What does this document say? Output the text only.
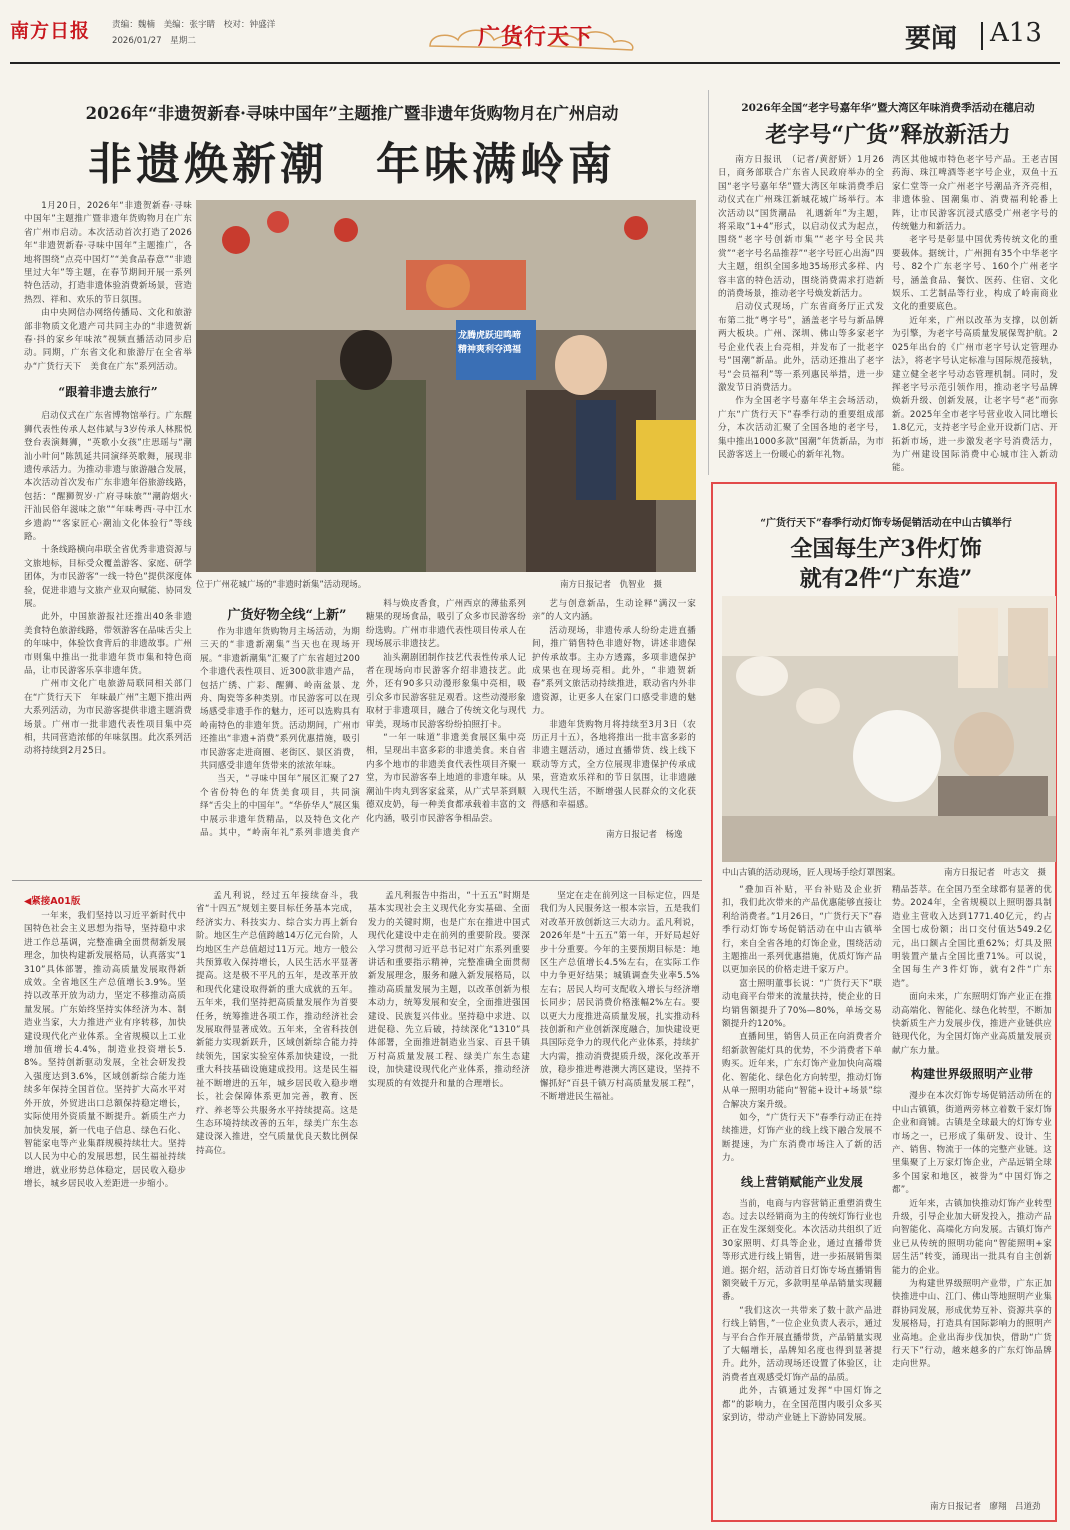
南方日报	责编：魏楠　美编：张宇睛　校对：钟盛洋
2026/01/27　星期二	广货行天下	要闻 A13
2026年“非遗贺新春·寻味中国年”主题推广暨非遗年货购物月在广州启动
非遗焕新潮　年味满岭南

1月20日，2026年“非遗贺新春·寻味中国年”主题推广暨非遗年货购物月在广东省广州市启动。本次活动首次打造了2026年“非遗贺新春·寻味中国年”主题推广，各地将围绕“点亮中国灯”“美食品春意”“非遗里过大年”等主题，在春节期间开展一系列特色活动，打造非遗体验消费新场景，营造热烈、祥和、欢乐的节日氛围。

由中央网信办网络传播局、文化和旅游部非物质文化遗产司共同主办的“非遗贺新春·抖的家乡年味浓”视频直播活动同步启动。同期，广东省文化和旅游厅在全省举办“广货行天下　美食在广东”系列活动。

“跟着非遗去旅行”

启动仪式在广东省博物馆举行。广东醒狮代表性传承人赵伟斌与3岁传承人林熙悦登台表演舞狮，“英歌小女孩”庄思瑶与“潮汕小叶问”陈凯延共同演绎英歌舞，展现非遗传承活力。为推动非遗与旅游融合发展，本次活动首次发布广东非遗年俗旅游线路，包括：“醒狮贺岁·广府寻味旅”“潮韵烟火·汗汕民俗年滋味之旅”“年味粤西·寻中江水乡遗韵”“客家匠心·潮汕文化体验行”等线路。

十条线路横向串联全省优秀非遗资源与文旅地标，目标受众覆盖游客、家庭、研学团体，为市民游客“一线一特色”提供深度体验，促进非遗与文旅产业双向赋能、协同发展。

此外，中国旅游报社还推出40条非遗美食特色旅游线路，带领游客在品味舌尖上的年味中，体验饮食背后的非遗故事。广州市则集中推出一批非遗年货市集和特色商品，让市民游客乐享非遗年货。

广州市文化广电旅游局联同相关部门在“广货行天下　年味最广州”主题下推出两大系列活动，为市民游客提供非遗主题消费场景。广州市一批非遗代表性项目集中亮相，共同营造浓郁的年味氛围。此次系列活动将持续到2月25日。

龙腾虎跃迎鸣啼
精神爽利夺鸿福
位于广州花城广场的“非遗时新集”活动现场。	南方日报记者　仇智业　摄
广货好物全线“上新”

作为非遗年货购物月主场活动，为期三天的“非遗新潮集”当天也在现场开展。“非遗新潮集”汇聚了广东省超过200个非遗代表性项目、近300款非遗产品，包括广绣、广彩、醒狮、岭南盆景、龙舟、陶瓷等多种类别。市民游客可以在现场感受非遗手作的魅力，还可以选购具有岭南特色的非遗年货。活动期间，广州市还推出“非遗+消费”系列优惠措施，吸引市民游客走进商圈、老街区、景区消费，共同感受非遗年货带来的浓浓年味。

当天，“寻味中国年”展区汇聚了27个省份特色的年货美食项目，共同演绎“舌尖上的中国年”。“华侨华人”展区集中展示非遗年货精品，以及特色文化产品。其中，“岭南年礼”系列非遗美食产

料与焕皮香食，广州西京的薄盐系列糖果的现场食品，吸引了众多市民游客纷纷选购。广州市非遗代表性项目传承人在现场展示非遗技艺。

汕头潮剧团制作技艺代表性传承人记者在现场向市民游客介绍非遗技艺。此外，还有90多只动漫形象集中亮相，吸引众多市民游客驻足观看。这些动漫形象取材于非遗项目，融合了传统文化与现代审美，现场市民游客纷纷拍照打卡。

“一年一味道”非遗美食展区集中亮相，呈现出丰富多彩的非遗美食。来自省内多个地市的非遗美食代表性项目齐聚一堂，为市民游客奉上地道的非遗年味。从潮汕牛肉丸到客家盆菜，从广式早茶到顺德双皮奶，每一种美食都承载着丰富的文化内涵，吸引市民游客争相品尝。

艺与创意新品，生动诠释“满汉一家亲”的人文内涵。

活动现场，非遗传承人纷纷走进直播间，推广销售特色非遗好物，讲述非遗保护传承故事。主办方透露，多项非遗保护成果也在现场亮相。此外，“非遗贺新春”系列文旅活动持续推进，联动省内外非遗资源，让更多人在家门口感受非遗的魅力。

非遗年货购物月将持续至3月3日（农历正月十五），各地将推出一批丰富多彩的非遗主题活动，通过直播带货、线上线下联动等方式，全方位展现非遗保护传承成果，营造欢乐祥和的节日氛围，让非遗融入现代生活，不断增强人民群众的文化获得感和幸福感。

南方日报记者　杨逸
2026年全国“老字号嘉年华”暨大湾区年味消费季活动在穗启动
老字号“广货”释放新活力

南方日报讯　（记者/黄舒妍）1月26日，商务部联合广东省人民政府举办的全国“老字号嘉年华”暨大湾区年味消费季启动仪式在广州珠江新城花城广场举行。本次活动以“国货潮品　礼遇新年”为主题，将采取“1+4”形式，以启动仪式为起点，围绕“老字号创新市集”“老字号全民共赏”“老字号名品推荐”“老字号匠心出海”四大主题，组织全国多地35场形式多样、内容丰富的特色活动，围绕消费需求打造新的消费场景，推动老字号焕发新活力。

启动仪式现场，广东省商务厅正式发布第二批“粤字号”，涵盖老字号与新品牌两大板块。广州、深圳、佛山等多家老字号企业代表上台亮相，并发布了一批老字号“国潮”新品。此外，活动还推出了老字号“会员福利”等一系列惠民举措，进一步激发节日消费活力。

作为全国老字号嘉年华主会场活动，广东“广货行天下”春季行动的重要组成部分，本次活动汇聚了全国各地的老字号，集中推出1000多款“国潮”年货新品，为市民游客送上一份暖心的新年礼物。

湾区其他城市特色老字号产品。王老吉国药海、珠江啤酒等老字号企业，双鱼十五家仁堂等一众广州老字号潮品齐齐亮相，非遗体验、国潮集市、消费福利轮番上阵，让市民游客沉浸式感受广州老字号的传统魅力和新活力。

老字号是彰显中国优秀传统文化的重要载体。据统计，广州拥有35个中华老字号、82个广东老字号、160个广州老字号，涵盖食品、餐饮、医药、住宿、文化娱乐、工艺制品等行业，构成了岭南商业文化的重要底色。

近年来，广州以改革为支撑，以创新为引擎，为老字号高质量发展保驾护航。2025年出台的《广州市老字号认定管理办法》，将老字号认定标准与国际规范接轨，建立健全老字号动态管理机制。同时，发挥老字号示范引领作用，推动老字号品牌焕新升级、创新发展，让老字号“老”而弥新。2025年全市老字号营业收入同比增长1.8亿元，支持老字号企业开设新门店、开拓新市场，进一步激发老字号消费活力，为广州建设国际消费中心城市注入新动能。

“广货行天下”春季行动灯饰专场促销活动在中山古镇举行
全国每生产3件灯饰
就有2件“广东造”
中山古镇的活动现场，匠人现场手绘灯罩图案。	南方日报记者　叶志文　摄

“叠加百补贴，平台补贴及企业折扣，我们此次带来的产品优惠能够直接让利给消费者。”1月26日，“广货行天下”春季行动灯饰专场促销活动在中山古镇举行，来自全省各地的灯饰企业，围绕活动主题推出一系列优惠措施，优质灯饰产品以更加亲民的价格走进千家万户。

富士照明董事长说：“广货行天下”联动电商平台带来的流量扶持，使企业的日均销售额提升了70%—80%，单场交易额提升约120%。

直播间里，销售人员正在向消费者介绍新款智能灯具的优势，不少消费者下单购买。近年来，广东灯饰产业加快向高端化、智能化、绿色化方向转型，推动灯饰从单一照明功能向“智能+设计+场景”综合解决方案升级。

如今，“广货行天下”春季行动正在持续推进，灯饰产业的线上线下融合发展不断提速，为广东消费市场注入了新的活力。

线上营销赋能产业发展

当前，电商与内容营销正重塑消费生态。过去以经销商为主的传统灯饰行业也正在发生深刻变化。本次活动共组织了近30家照明、灯具等企业，通过直播带货等形式进行线上销售，进一步拓展销售渠道。据介绍，活动首日灯饰专场直播销售额突破千万元，多款明星单品销量实现翻番。

“我们这次一共带来了数十款产品进行线上销售，”一位企业负责人表示，通过与平台合作开展直播带货，产品销量实现了大幅增长，品牌知名度也得到显著提升。此外，活动现场还设置了体验区，让消费者直观感受灯饰产品的品质。

此外，古镇通过发挥“中国灯饰之都”的影响力，在全国范围内吸引众多买家到访，带动产业链上下游协同发展。

精品荟萃。在全国乃至全球都有显著的优势。2024年，全省规模以上照明器具制造业主营收入达到1771.40亿元，约占全国七成份额；出口交付值达549.2亿元，出口额占全国比重62%；灯具及照明装置产量占全国比重71%。可以说，全国每生产3件灯饰，就有2件“广东造”。

面向未来，广东照明灯饰产业正在推动高端化、智能化、绿色化转型，不断加快新质生产力发展步伐，推进产业链供应链现代化，为全国灯饰产业高质量发展贡献广东力量。

构建世界级照明产业带

漫步在本次灯饰专场促销活动所在的中山古镇镇，街道两旁林立着数千家灯饰企业和商铺。古镇是全球最大的灯饰专业市场之一，已形成了集研发、设计、生产、销售、物流于一体的完整产业链。这里集聚了上万家灯饰企业，产品远销全球多个国家和地区，被誉为“中国灯饰之都”。

近年来，古镇加快推动灯饰产业转型升级，引导企业加大研发投入，推动产品向智能化、高端化方向发展。古镇灯饰产业已从传统的照明功能向“智能照明+家居生活”转变，涌现出一批具有自主创新能力的企业。

为构建世界级照明产业带，广东正加快推进中山、江门、佛山等地照明产业集群协同发展，形成优势互补、资源共享的发展格局，打造具有国际影响力的照明产业高地。企业出海步伐加快，借助“广货行天下”行动，越来越多的广东灯饰品牌走向世界。

南方日报记者　廖翔　吕道劲
◀紧接A01版

一年来，我们坚持以习近平新时代中国特色社会主义思想为指导，坚持稳中求进工作总基调，完整准确全面贯彻新发展理念，加快构建新发展格局，认真落实“1310”具体部署，推动高质量发展取得新成效。全省地区生产总值增长3.9%。坚持以改革开放为动力，坚定不移推动高质量发展。广东始终坚持实体经济为本、制造业当家，大力推进产业有序转移，加快建设现代化产业体系。全省规模以上工业增加值增长4.4%，制造业投资增长5.8%。坚持创新驱动发展，全社会研发投入强度达到3.6%，区域创新综合能力连续多年保持全国首位。坚持扩大高水平对外开放，外贸进出口总额保持稳定增长，实际使用外资质量不断提升。新质生产力加快发展，新一代电子信息、绿色石化、智能家电等产业集群规模持续壮大。坚持以人民为中心的发展思想，民生福祉持续增进，就业形势总体稳定，居民收入稳步增长，城乡居民收入差距进一步缩小。

孟凡利说，经过五年接续奋斗，我省“十四五”规划主要目标任务基本完成，经济实力、科技实力、综合实力再上新台阶。地区生产总值跨越14万亿元台阶，人均地区生产总值超过11万元。地方一般公共预算收入保持增长，人民生活水平显著提高。这是极不平凡的五年，是改革开放和现代化建设取得新的重大成就的五年。五年来，我们坚持把高质量发展作为首要任务，统筹推进各项工作，推动经济社会发展取得显著成效。五年来，全省科技创新能力实现新跃升，区域创新综合能力持续领先，国家实验室体系加快建设，一批重大科技基础设施建成投用。这是民生福祉不断增进的五年，城乡居民收入稳步增长，社会保障体系更加完善，教育、医疗、养老等公共服务水平持续提高。这是生态环境持续改善的五年，绿美广东生态建设深入推进，空气质量优良天数比例保持高位。

孟凡利报告中指出，“十五五”时期是基本实现社会主义现代化夯实基础、全面发力的关键时期，也是广东在推进中国式现代化建设中走在前列的重要阶段。要深入学习贯彻习近平总书记对广东系列重要讲话和重要指示精神，完整准确全面贯彻新发展理念，服务和融入新发展格局，以推动高质量发展为主题，以改革创新为根本动力，统筹发展和安全，全面推进强国建设、民族复兴伟业。坚持稳中求进、以进促稳、先立后破，持续深化“1310”具体部署，全面推进制造业当家、百县千镇万村高质量发展工程、绿美广东生态建设，加快建设现代化产业体系，推动经济实现质的有效提升和量的合理增长。

坚定在走在前列这一目标定位，四是我们为人民服务这一根本宗旨，五是我们对改革开放创新这三大动力。孟凡利说，2026年是“十五五”第一年，开好局起好步十分重要。今年的主要预期目标是：地区生产总值增长4.5%左右，在实际工作中力争更好结果；城镇调查失业率5.5%左右；居民人均可支配收入增长与经济增长同步；居民消费价格涨幅2%左右。要以更大力度推进高质量发展，扎实推动科技创新和产业创新深度融合，加快建设更具国际竞争力的现代化产业体系，持续扩大内需，推动消费提质升级，深化改革开放，稳步推进粤港澳大湾区建设，坚持不懈抓好“百县千镇万村高质量发展工程”，不断增进民生福祉。
